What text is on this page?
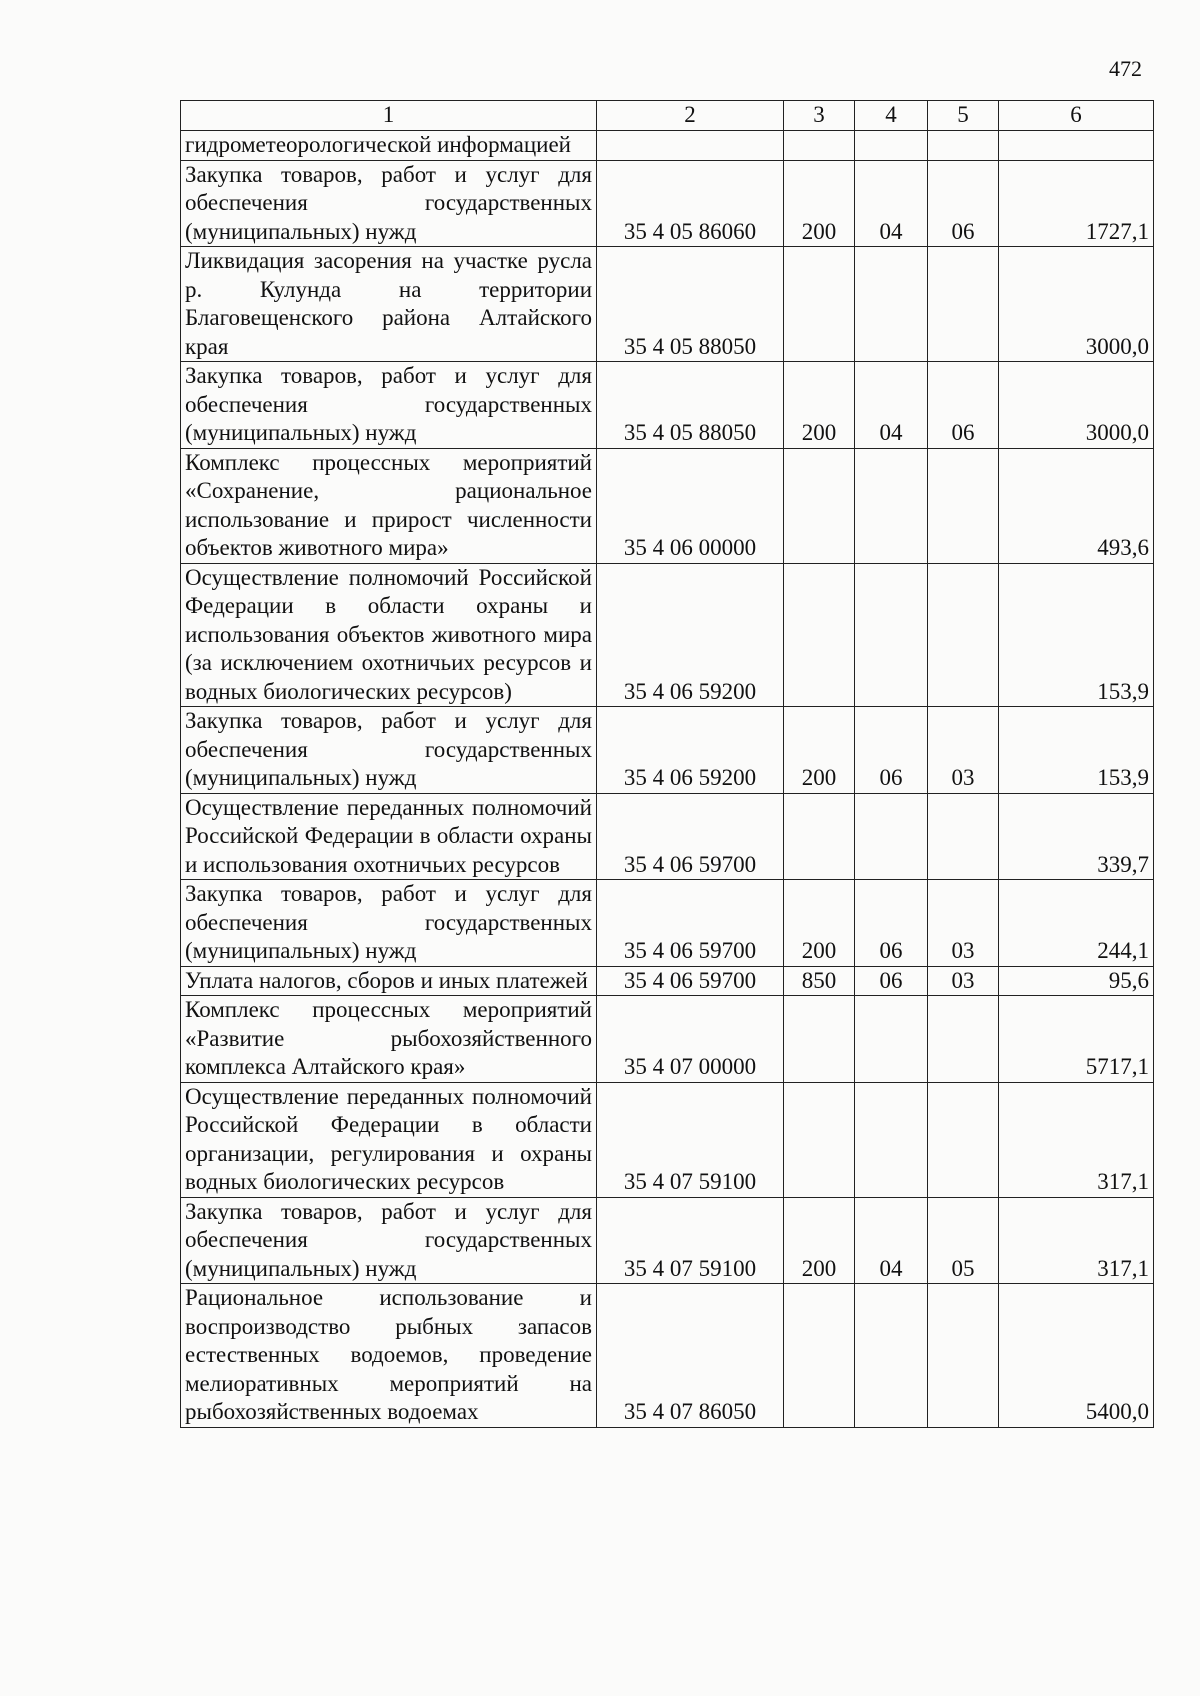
472
1	2	3	4	5	6
гидрометеорологической информацией					
Закупка товаров, работ и услуг для обеспечения государственных (муниципальных) нужд	35 4 05 86060	200	04	06	1727,1
Ликвидация засорения на участке русла р. Кулунда на территории Благовещенского района Алтайского края	35 4 05 88050				3000,0
Закупка товаров, работ и услуг для обеспечения государственных (муниципальных) нужд	35 4 05 88050	200	04	06	3000,0
Комплекс процессных мероприятий «Сохранение, рациональное использование и прирост численности объектов животного мира»	35 4 06 00000				493,6
Осуществление полномочий Российской Федерации в области охраны и использования объектов животного мира (за исключением охотничьих ресурсов и водных биологических ресурсов)	35 4 06 59200				153,9
Закупка товаров, работ и услуг для обеспечения государственных (муниципальных) нужд	35 4 06 59200	200	06	03	153,9
Осуществление переданных полномочий Российской Федерации в области охраны и использования охотничьих ресурсов	35 4 06 59700				339,7
Закупка товаров, работ и услуг для обеспечения государственных (муниципальных) нужд	35 4 06 59700	200	06	03	244,1
Уплата налогов, сборов и иных платежей	35 4 06 59700	850	06	03	95,6
Комплекс процессных мероприятий «Развитие рыбохозяйственного комплекса Алтайского края»	35 4 07 00000				5717,1
Осуществление переданных полномочий Российской Федерации в области организации, регулирования и охраны водных биологических ресурсов	35 4 07 59100				317,1
Закупка товаров, работ и услуг для обеспечения государственных (муниципальных) нужд	35 4 07 59100	200	04	05	317,1
Рациональное использование и воспроизводство рыбных запасов естественных водоемов, проведение мелиоративных мероприятий на рыбохозяйственных водоемах	35 4 07 86050				5400,0
